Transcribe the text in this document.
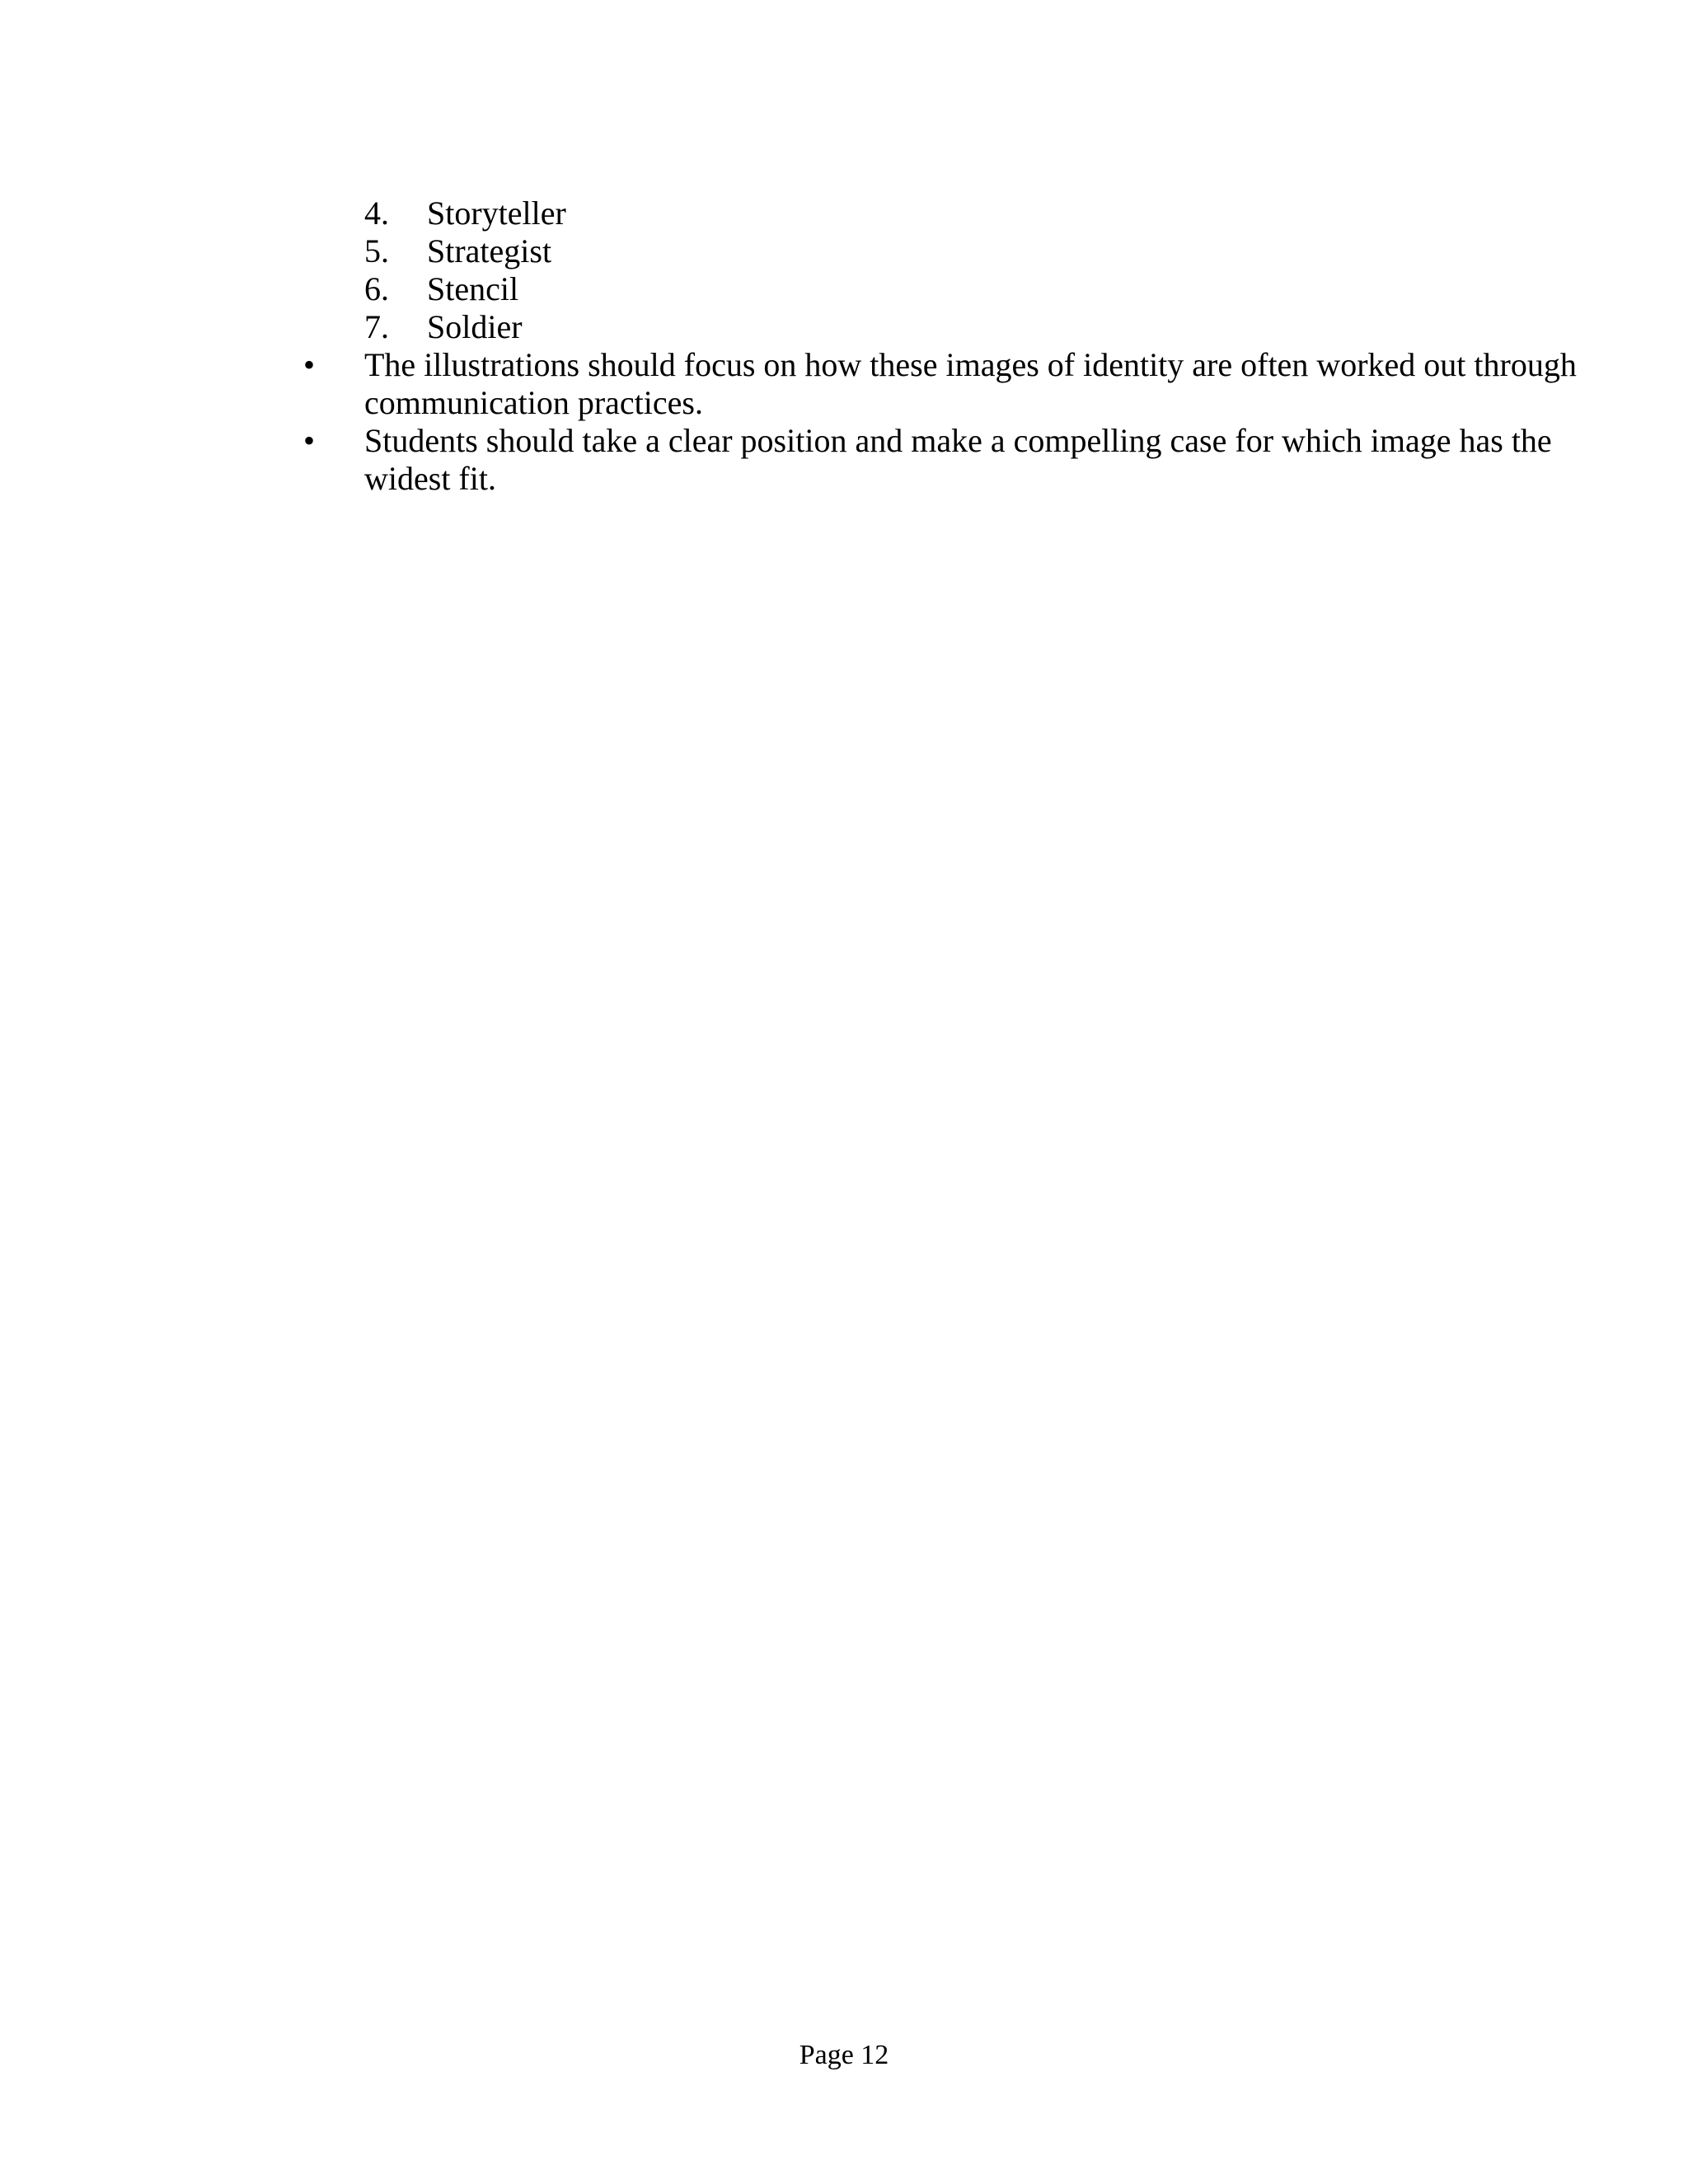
4. Storyteller
5. Strategist
6. Stencil
7. Soldier
• The illustrations should focus on how these images of identity are often worked out through communication practices.
• Students should take a clear position and make a compelling case for which image has the widest fit.
Page 12
